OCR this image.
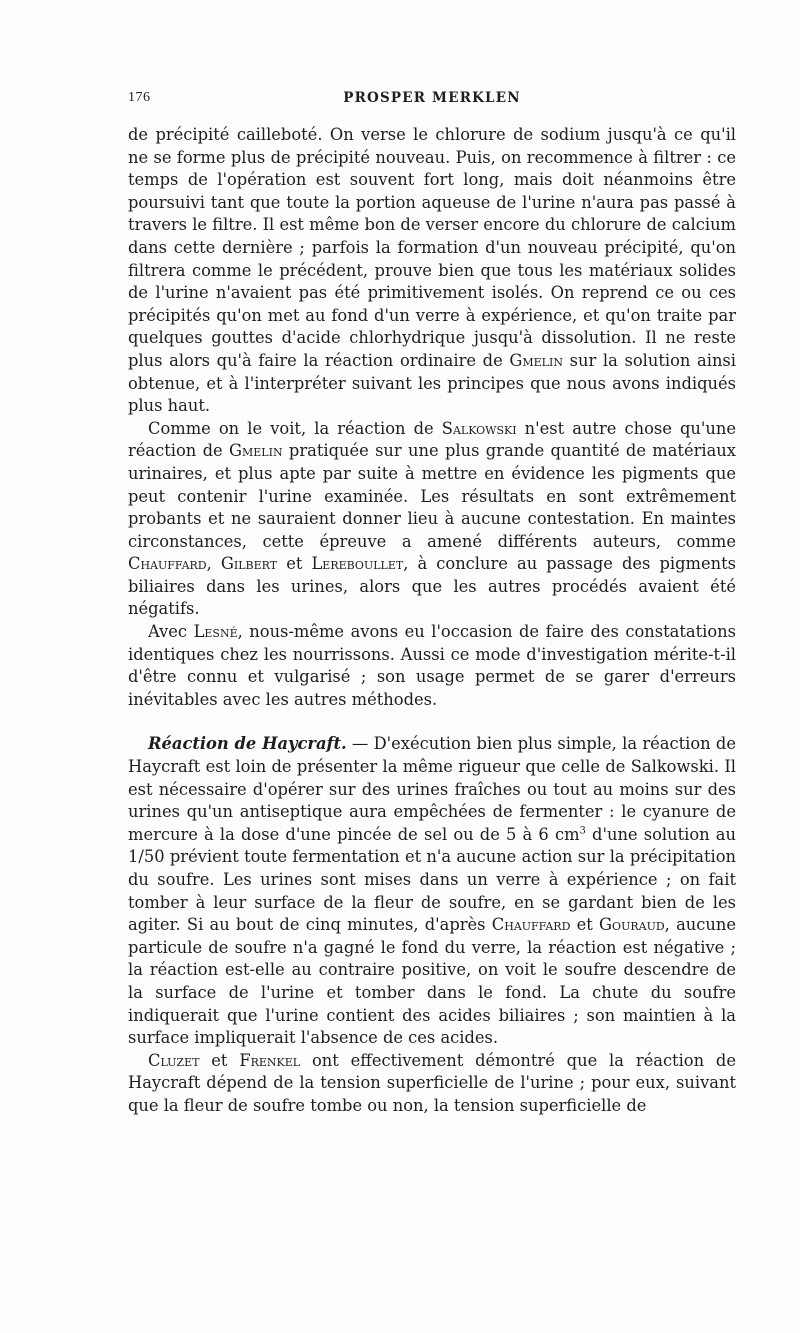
176	PROSPER MERKLEN

de précipité cailleboté. On verse le chlorure de sodium jusqu'à ce qu'il ne se forme plus de précipité nouveau. Puis, on recommence à filtrer : ce temps de l'opération est souvent fort long, mais doit néanmoins être poursuivi tant que toute la portion aqueuse de l'urine n'aura pas passé à travers le filtre. Il est même bon de verser encore du chlorure de calcium dans cette dernière ; parfois la formation d'un nouveau précipité, qu'on filtrera comme le précédent, prouve bien que tous les matériaux solides de l'urine n'avaient pas été primitivement isolés. On reprend ce ou ces précipités qu'on met au fond d'un verre à expérience, et qu'on traite par quelques gouttes d'acide chlorhydrique jusqu'à dissolution. Il ne reste plus alors qu'à faire la réaction ordinaire de Gmelin sur la solution ainsi obtenue, et à l'interpréter suivant les principes que nous avons indiqués plus haut.

Comme on le voit, la réaction de Salkowski n'est autre chose qu'une réaction de Gmelin pratiquée sur une plus grande quantité de matériaux urinaires, et plus apte par suite à mettre en évidence les pigments que peut contenir l'urine examinée. Les résultats en sont extrêmement probants et ne sauraient donner lieu à aucune contestation. En maintes circonstances, cette épreuve a amené différents auteurs, comme Chauffard, Gilbert et Lereboullet, à conclure au passage des pigments biliaires dans les urines, alors que les autres procédés avaient été négatifs.

Avec Lesné, nous-même avons eu l'occasion de faire des constatations identiques chez les nourrissons. Aussi ce mode d'investigation mérite-t-il d'être connu et vulgarisé ; son usage permet de se garer d'erreurs inévitables avec les autres méthodes.

Réaction de Haycraft. — D'exécution bien plus simple, la réaction de Haycraft est loin de présenter la même rigueur que celle de Salkowski. Il est nécessaire d'opérer sur des urines fraîches ou tout au moins sur des urines qu'un antiseptique aura empêchées de fermenter : le cyanure de mercure à la dose d'une pincée de sel ou de 5 à 6 $cm^3$ d'une solution au 1/50 prévient toute fermentation et n'a aucune action sur la précipitation du soufre. Les urines sont mises dans un verre à expérience ; on fait tomber à leur surface de la fleur de soufre, en se gardant bien de les agiter. Si au bout de cinq minutes, d'après Chauffard et Gouraud, aucune particule de soufre n'a gagné le fond du verre, la réaction est négative ; la réaction est-elle au contraire positive, on voit le soufre descendre de la surface de l'urine et tomber dans le fond. La chute du soufre indiquerait que l'urine contient des acides biliaires ; son maintien à la surface impliquerait l'absence de ces acides.

Cluzet et Frenkel ont effectivement démontré que la réaction de Haycraft dépend de la tension superficielle de l'urine ; pour eux, suivant que la fleur de soufre tombe ou non, la tension superficielle de
